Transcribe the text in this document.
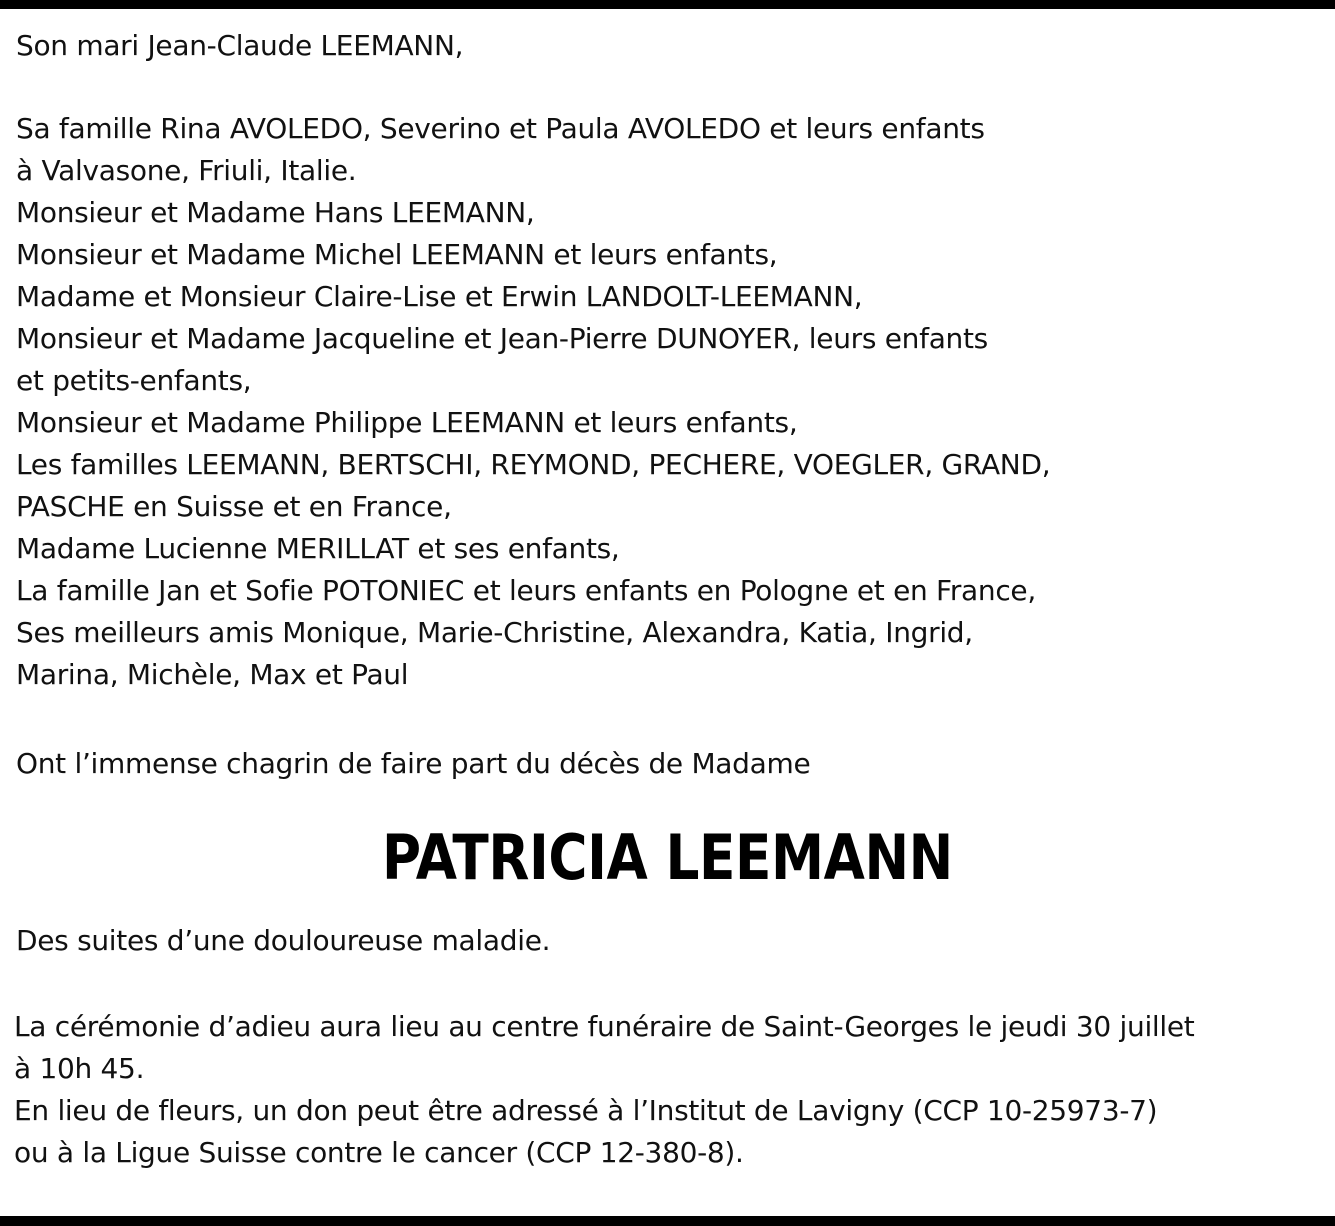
Son mari Jean-Claude LEEMANN,

Sa famille Rina AVOLEDO, Severino et Paula AVOLEDO et leurs enfants
à Valvasone, Friuli, Italie.
Monsieur et Madame Hans LEEMANN,
Monsieur et Madame Michel LEEMANN et leurs enfants,
Madame et Monsieur Claire-Lise et Erwin LANDOLT-LEEMANN,
Monsieur et Madame Jacqueline et Jean-Pierre DUNOYER, leurs enfants
et petits-enfants,
Monsieur et Madame Philippe LEEMANN et leurs enfants,
Les familles LEEMANN, BERTSCHI, REYMOND, PECHERE, VOEGLER, GRAND,
PASCHE en Suisse et en France,
Madame Lucienne MERILLAT et ses enfants,
La famille Jan et Sofie POTONIEC et leurs enfants en Pologne et en France,
Ses meilleurs amis Monique, Marie-Christine, Alexandra, Katia, Ingrid,
Marina, Michèle, Max et Paul

Ont l’immense chagrin de faire part du décès de Madame

PATRICIA LEEMANN

Des suites d’une douloureuse maladie.

La cérémonie d’adieu aura lieu au centre funéraire de Saint-Georges le jeudi 30 juillet
à 10h 45.
En lieu de fleurs, un don peut être adressé à l’Institut de Lavigny (CCP 10-25973-7)
ou à la Ligue Suisse contre le cancer (CCP 12-380-8).
